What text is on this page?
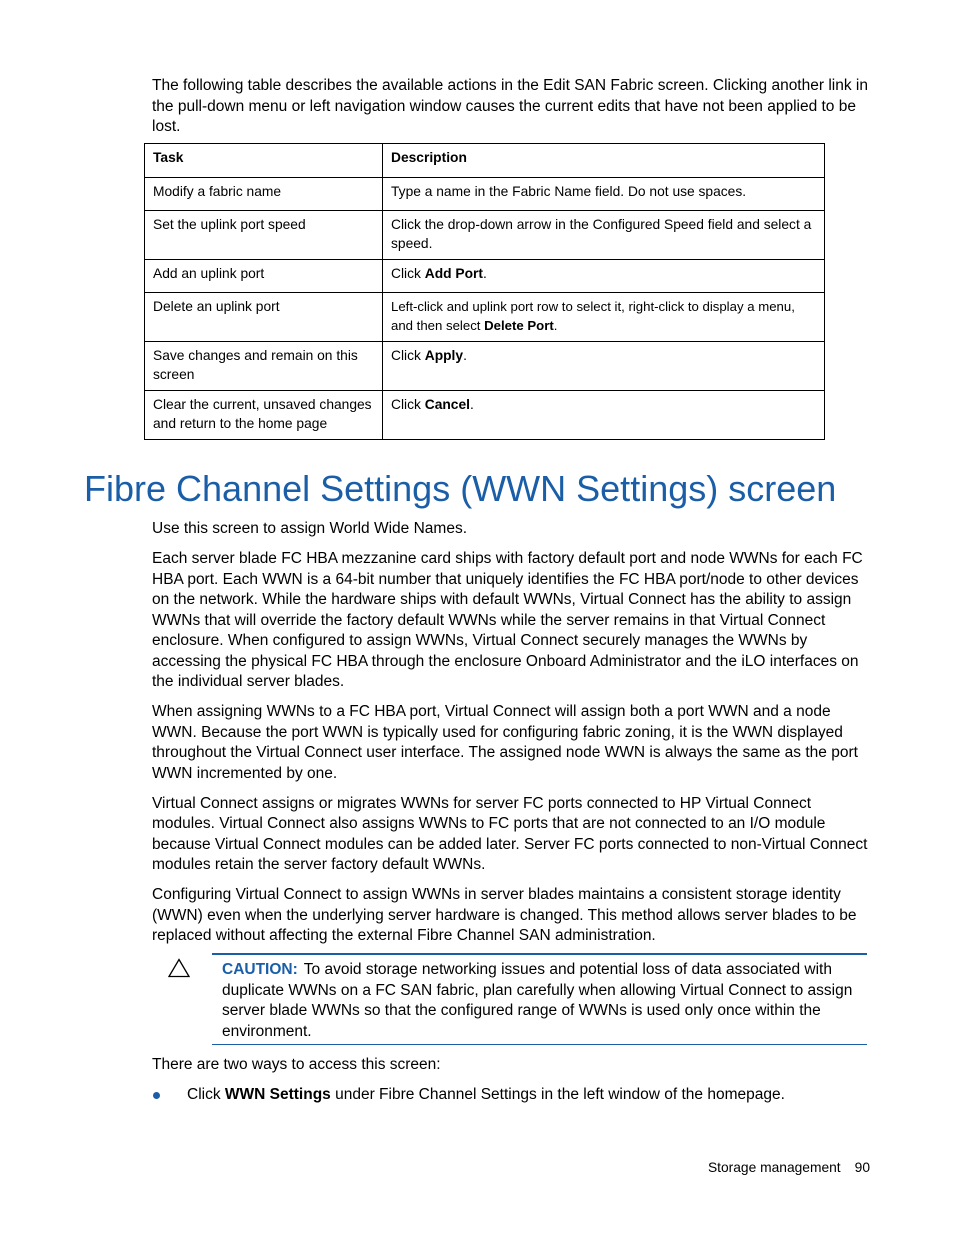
The following table describes the available actions in the Edit SAN Fabric screen. Clicking another link in the pull-down menu or left navigation window causes the current edits that have not been applied to be lost.

Task	Description
Modify a fabric name	Type a name in the Fabric Name field. Do not use spaces.
Set the uplink port speed	Click the drop-down arrow in the Configured Speed field and select a speed.
Add an uplink port	Click Add Port.
Delete an uplink port	Left-click and uplink port row to select it, right-click to display a menu, and then select Delete Port.
Save changes and remain on this screen	Click Apply.
Clear the current, unsaved changes and return to the home page	Click Cancel.
Fibre Channel Settings (WWN Settings) screen

Use this screen to assign World Wide Names.

Each server blade FC HBA mezzanine card ships with factory default port and node WWNs for each FC HBA port. Each WWN is a 64-bit number that uniquely identifies the FC HBA port/node to other devices on the network. While the hardware ships with default WWNs, Virtual Connect has the ability to assign WWNs that will override the factory default WWNs while the server remains in that Virtual Connect enclosure. When configured to assign WWNs, Virtual Connect securely manages the WWNs by accessing the physical FC HBA through the enclosure Onboard Administrator and the iLO interfaces on the individual server blades.

When assigning WWNs to a FC HBA port, Virtual Connect will assign both a port WWN and a node WWN. Because the port WWN is typically used for configuring fabric zoning, it is the WWN displayed throughout the Virtual Connect user interface. The assigned node WWN is always the same as the port WWN incremented by one.

Virtual Connect assigns or migrates WWNs for server FC ports connected to HP Virtual Connect modules. Virtual Connect also assigns WWNs to FC ports that are not connected to an I/O module because Virtual Connect modules can be added later. Server FC ports connected to non-Virtual Connect modules retain the server factory default WWNs.

Configuring Virtual Connect to assign WWNs in server blades maintains a consistent storage identity (WWN) even when the underlying server hardware is changed. This method allows server blades to be replaced without affecting the external Fibre Channel SAN administration.

CAUTION: To avoid storage networking issues and potential loss of data associated with duplicate WWNs on a FC SAN fabric, plan carefully when allowing Virtual Connect to assign server blade WWNs so that the configured range of WWNs is used only once within the environment.

There are two ways to access this screen:

Click WWN Settings under Fibre Channel Settings in the left window of the homepage.
Storage management 90
